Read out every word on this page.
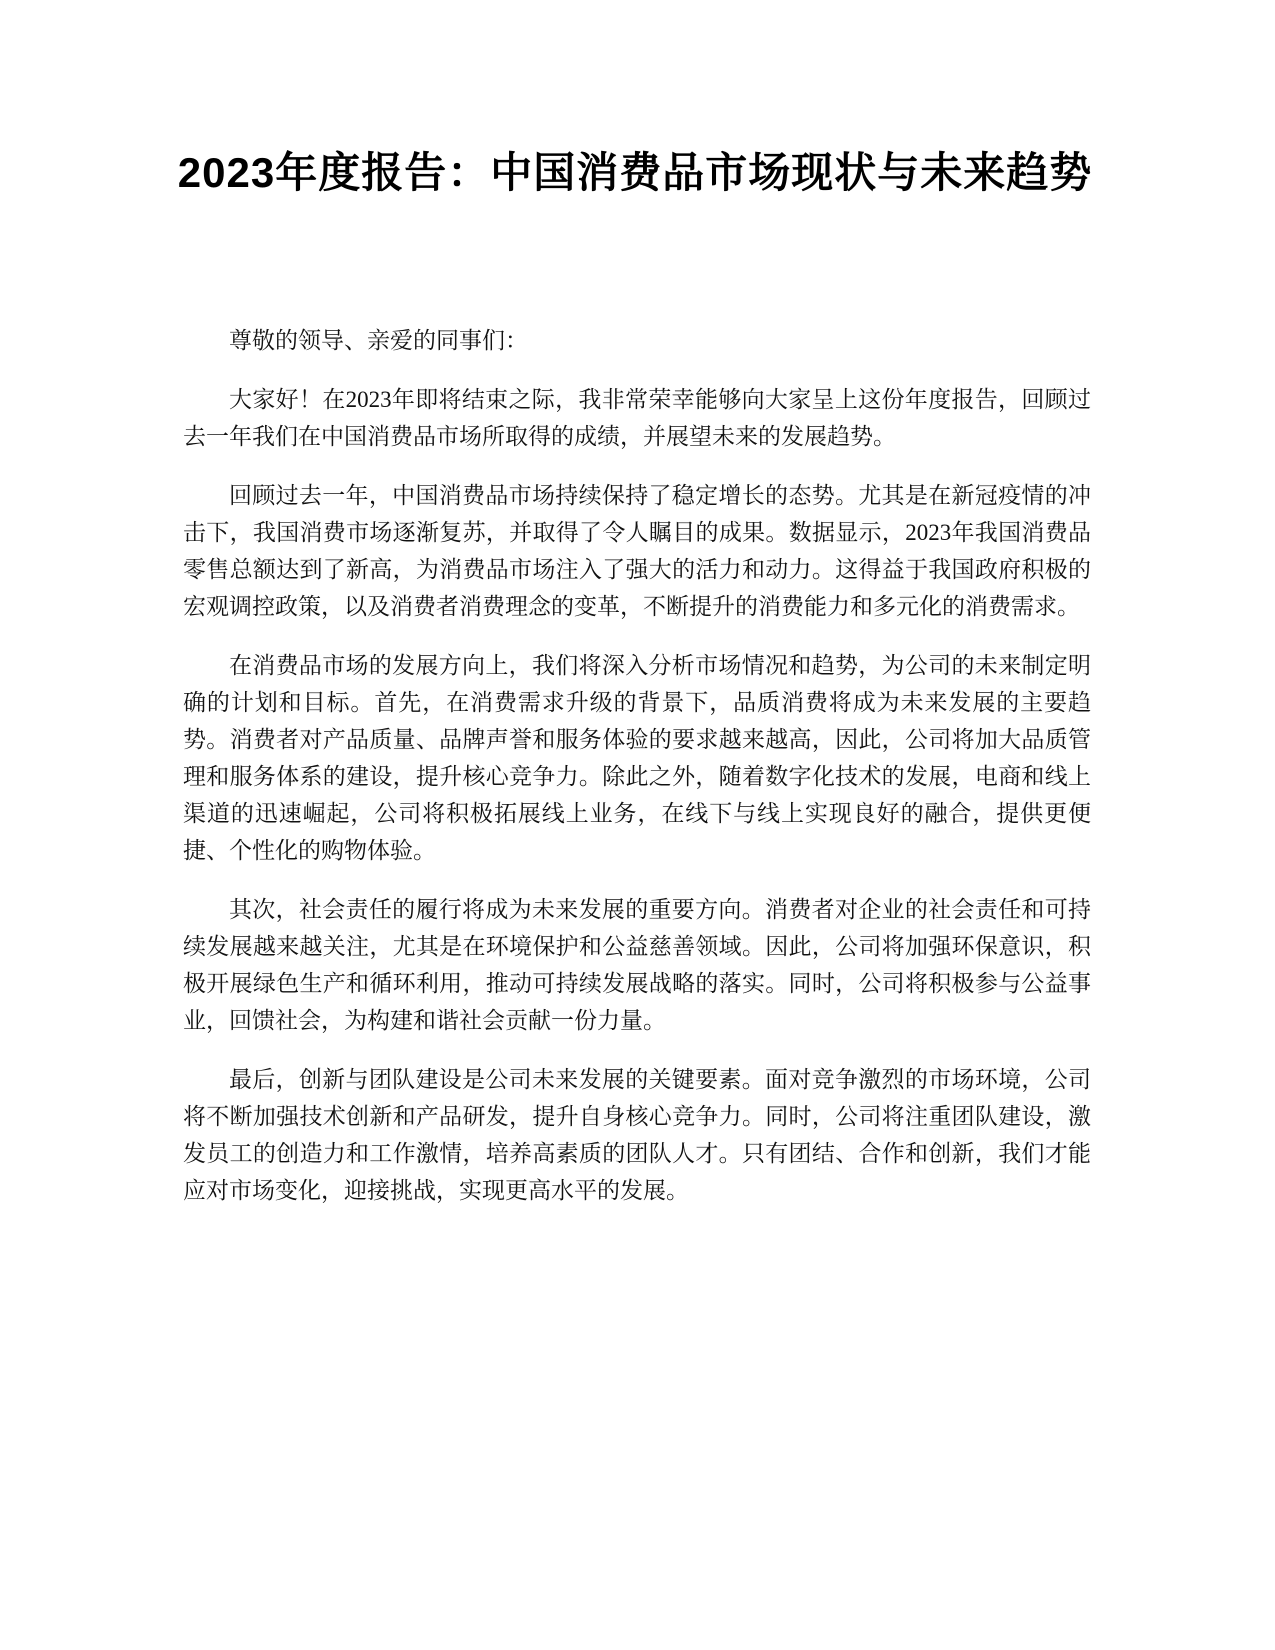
2023年度报告：中国消费品市场现状与未来趋势

尊敬的领导、亲爱的同事们：

大家好！在2023年即将结束之际，我非常荣幸能够向大家呈上这份年度报告，回顾过去一年我们在中国消费品市场所取得的成绩，并展望未来的发展趋势。

回顾过去一年，中国消费品市场持续保持了稳定增长的态势。尤其是在新冠疫情的冲击下，我国消费市场逐渐复苏，并取得了令人瞩目的成果。数据显示，2023年我国消费品零售总额达到了新高，为消费品市场注入了强大的活力和动力。这得益于我国政府积极的宏观调控政策，以及消费者消费理念的变革，不断提升的消费能力和多元化的消费需求。

在消费品市场的发展方向上，我们将深入分析市场情况和趋势，为公司的未来制定明确的计划和目标。首先，在消费需求升级的背景下，品质消费将成为未来发展的主要趋势。消费者对产品质量、品牌声誉和服务体验的要求越来越高，因此，公司将加大品质管理和服务体系的建设，提升核心竞争力。除此之外，随着数字化技术的发展，电商和线上渠道的迅速崛起，公司将积极拓展线上业务，在线下与线上实现良好的融合，提供更便捷、个性化的购物体验。

其次，社会责任的履行将成为未来发展的重要方向。消费者对企业的社会责任和可持续发展越来越关注，尤其是在环境保护和公益慈善领域。因此，公司将加强环保意识，积极开展绿色生产和循环利用，推动可持续发展战略的落实。同时，公司将积极参与公益事业，回馈社会，为构建和谐社会贡献一份力量。

最后，创新与团队建设是公司未来发展的关键要素。面对竞争激烈的市场环境，公司将不断加强技术创新和产品研发，提升自身核心竞争力。同时，公司将注重团队建设，激发员工的创造力和工作激情，培养高素质的团队人才。只有团结、合作和创新，我们才能应对市场变化，迎接挑战，实现更高水平的发展。
